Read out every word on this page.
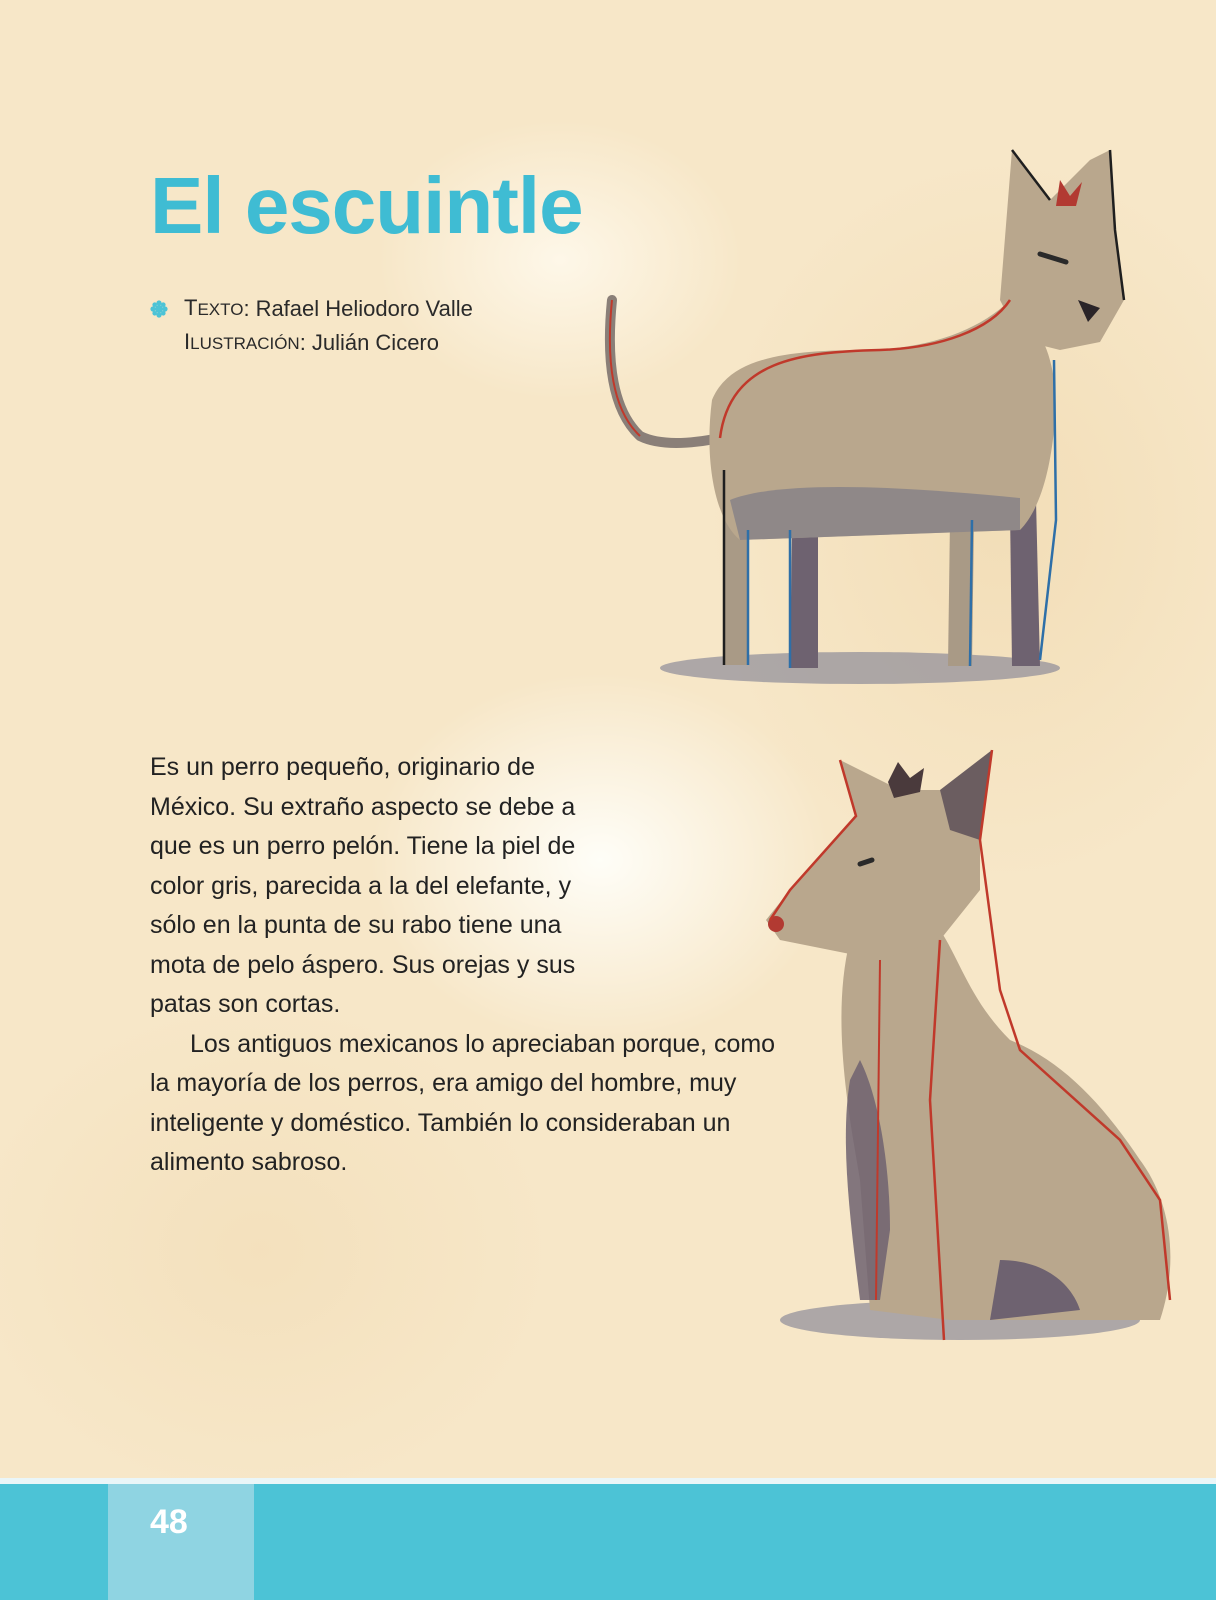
El escuintle
TEXTO : Rafael Heliodoro Valle
ILUSTRACIÓN : Julián Cicero

Es un perro pequeño, originario de México. Su extraño aspecto se debe a que es un perro pelón. Tiene la piel de color gris, parecida a la del elefante, y sólo en la punta de su rabo tiene una mota de pelo áspero. Sus orejas y sus patas son cortas.

Los antiguos mexicanos lo apreciaban porque, como la mayoría de los perros, era amigo del hombre, muy inteligente y doméstico. También lo consideraban un alimento sabroso.

48
